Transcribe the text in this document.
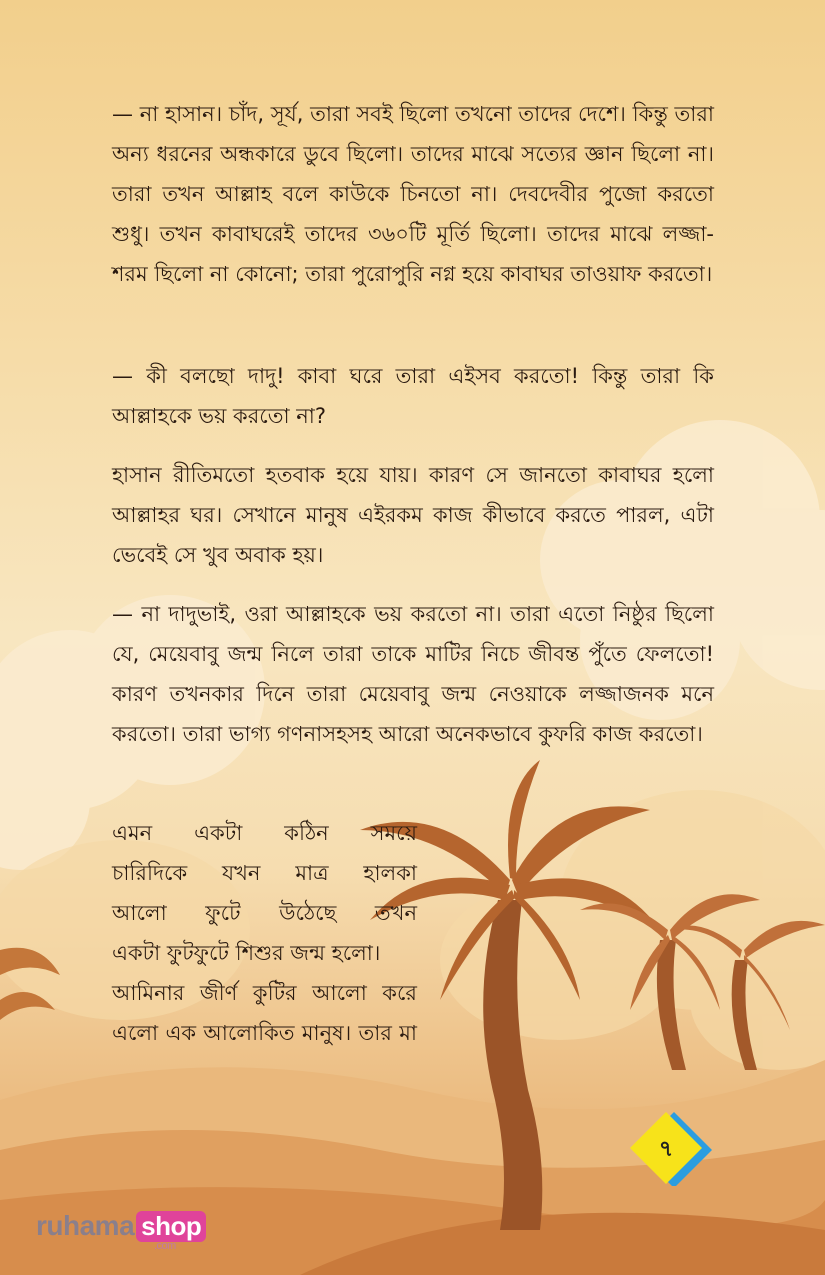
— না হাসান। চাঁদ, সূর্য, তারা সবই ছিলো তখনো তাদের দেশে। কিন্তু তারা অন্য ধরনের অন্ধকারে ডুবে ছিলো। তাদের মাঝে সত্যের জ্ঞান ছিলো না। তারা তখন আল্লাহ বলে কাউকে চিনতো না। দেবদেবীর পুজো করতো শুধু। তখন কাবাঘরেই তাদের ৩৬০টি মূর্তি ছিলো। তাদের মাঝে লজ্জা-শরম ছিলো না কোনো; তারা পুরোপুরি নগ্ন হয়ে কাবাঘর তাওয়াফ করতো।

— কী বলছো দাদু! কাবা ঘরে তারা এইসব করতো! কিন্তু তারা কি আল্লাহকে ভয় করতো না?

হাসান রীতিমতো হতবাক হয়ে যায়। কারণ সে জানতো কাবাঘর হলো আল্লাহর ঘর। সেখানে মানুষ এইরকম কাজ কীভাবে করতে পারল, এটা ভেবেই সে খুব অবাক হয়।

— না দাদুভাই, ওরা আল্লাহকে ভয় করতো না। তারা এতো নিষ্ঠুর ছিলো যে, মেয়েবাবু জন্ম নিলে তারা তাকে মাটির নিচে জীবন্ত পুঁতে ফেলতো! কারণ তখনকার দিনে তারা মেয়েবাবু জন্ম নেওয়াকে লজ্জাজনক মনে করতো। তারা ভাগ্য গণনাসহসহ আরো অনেকভাবে কুফরি কাজ করতো।

এমন একটা কঠিন সময়ে
চারিদিকে যখন মাত্র হালকা
আলো ফুটে উঠেছে তখন
একটা ফুটফুটে শিশুর জন্ম হলো।
আমিনার জীর্ণ কুটির আলো করে
এলো এক আলোকিত মানুষ। তার মা
৭
ruhama shop
.com
